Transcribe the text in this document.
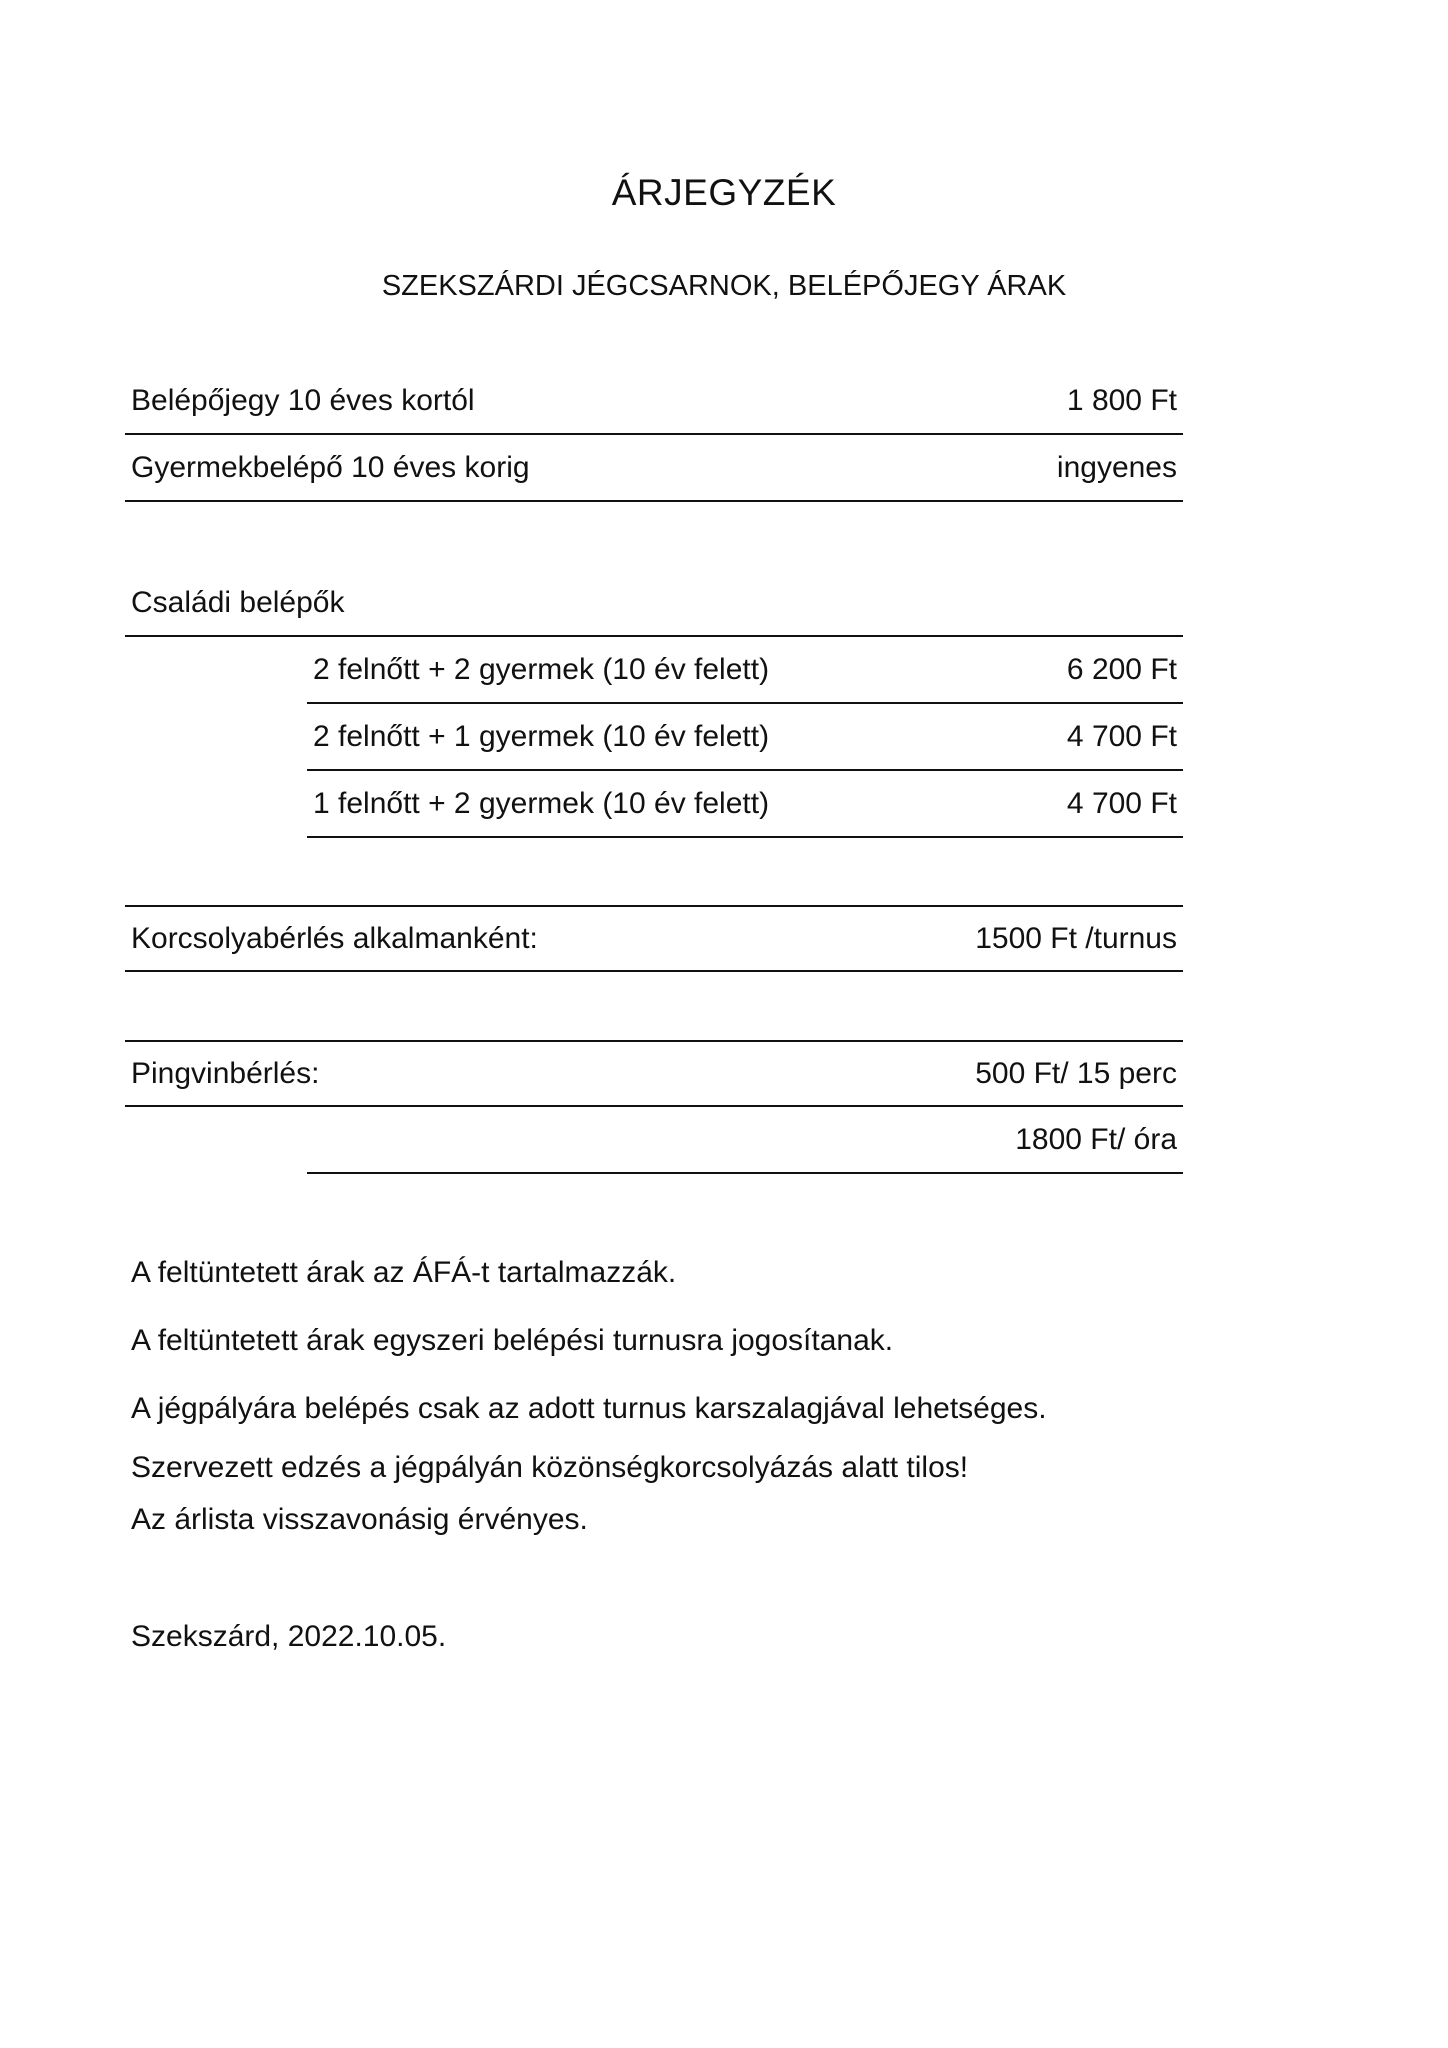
ÁRJEGYZÉK
SZEKSZÁRDI JÉGCSARNOK, BELÉPŐJEGY ÁRAK
Belépőjegy 10 éves kortól	1 800 Ft
Gyermekbelépő 10 éves korig	ingyenes
Családi belépők
2 felnőtt + 2 gyermek (10 év felett)	6 200 Ft
2 felnőtt + 1 gyermek (10 év felett)	4 700 Ft
1 felnőtt + 2 gyermek (10 év felett)	4 700 Ft
Korcsolyabérlés alkalmanként:	1500 Ft /turnus
Pingvinbérlés:	500 Ft/ 15 perc
1800 Ft/ óra
A feltüntetett árak az ÁFÁ-t tartalmazzák.
A feltüntetett árak egyszeri belépési turnusra jogosítanak.
A jégpályára belépés csak az adott turnus karszalagjával lehetséges.
Szervezett edzés a jégpályán közönségkorcsolyázás alatt tilos!
Az árlista visszavonásig érvényes.
Szekszárd, 2022.10.05.
